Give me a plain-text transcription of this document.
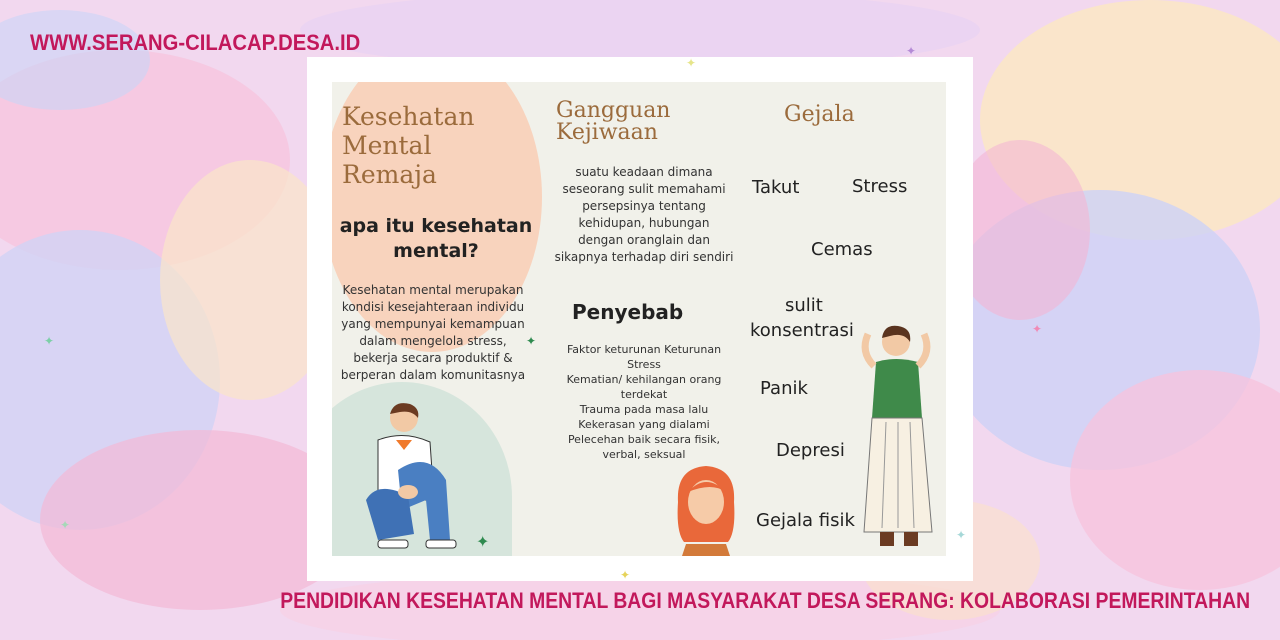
WWW.SERANG-CILACAP.DESA.ID
Kesehatan
Mental
Remaja
apa itu kesehatan
mental?
Kesehatan mental merupakan
kondisi kesejahteraan individu
yang mempunyai kemampuan
dalam mengelola stress,
bekerja secara produktif &
berperan dalam komunitasnya
Gangguan
Kejiwaan
suatu keadaan dimana
seseorang sulit memahami
persepsinya tentang
kehidupan, hubungan
dengan oranglain dan
sikapnya terhadap diri sendiri
Penyebab
Faktor keturunan Keturunan
Stress
Kematian/ kehilangan orang
terdekat
Trauma pada masa lalu
Kekerasan yang dialami
Pelecehan baik secara fisik,
verbal, seksual
Gejala
Takut	Stress
Cemas
sulit
konsentrasi
Panik
Depresi
Gejala fisik
✦
✦
✦
✦
✦
✦
✦
✦
✦
PENDIDIKAN KESEHATAN MENTAL BAGI MASYARAKAT DESA SERANG: KOLABORASI PEMERINTAHAN
